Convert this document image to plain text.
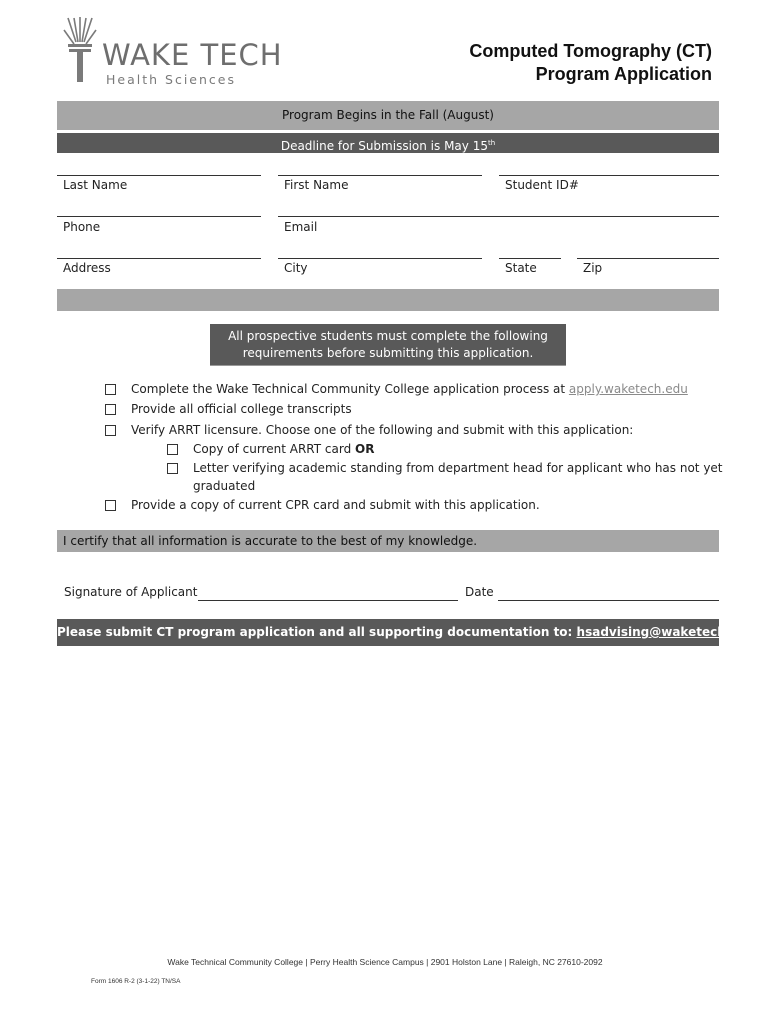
WAKE TECH
Health Sciences
Computed Tomography (CT)
Program Application
Program Begins in the Fall (August)
Deadline for Submission is May 15th
Last Name	First Name	Student ID#
Phone	Email
Address	City	State	Zip
All prospective students must complete the following
requirements before submitting this application.
Complete the Wake Technical Community College application process at apply.waketech.edu
Provide all official college transcripts
Verify ARRT licensure. Choose one of the following and submit with this application:
Copy of current ARRT card OR
Letter verifying academic standing from department head for applicant who has not yet
graduated
Provide a copy of current CPR card and submit with this application.
I certify that all information is accurate to the best of my knowledge.
Signature of Applicant	Date
Please submit CT program application and all supporting documentation to: hsadvising@waketech.edu
Wake Technical Community College | Perry Health Science Campus | 2901 Holston Lane | Raleigh, NC 27610-2092
Form 1606 R-2 (3-1-22) TN/SA
